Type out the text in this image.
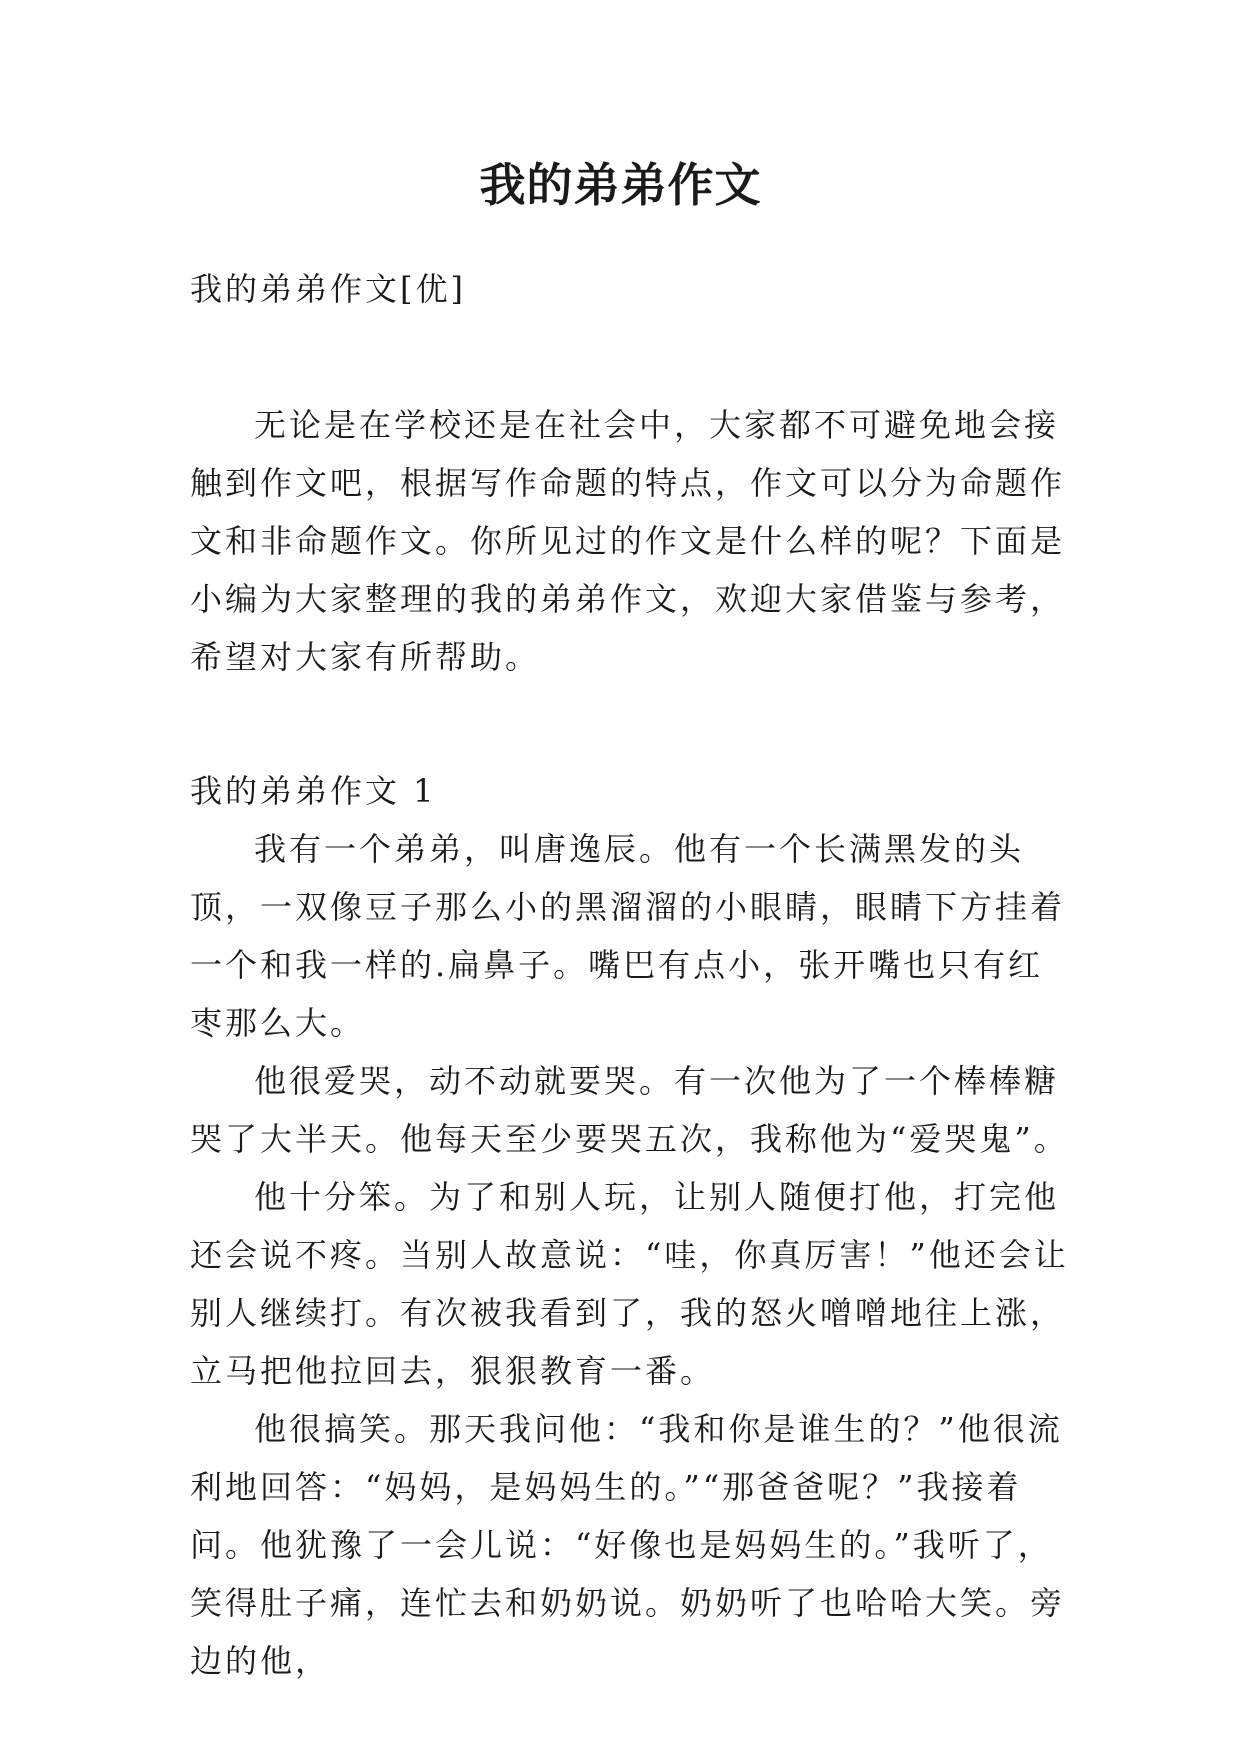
我的弟弟作文

我的弟弟作文[优]

无论是在学校还是在社会中，大家都不可避免地会接触到作文吧，根据写作命题的特点，作文可以分为命题作文和非命题作文。你所见过的作文是什么样的呢？下面是小编为大家整理的我的弟弟作文，欢迎大家借鉴与参考，希望对大家有所帮助。

我的弟弟作文 1

我有一个弟弟，叫唐逸辰。他有一个长满黑发的头顶，一双像豆子那么小的黑溜溜的小眼睛，眼睛下方挂着一个和我一样的.扁鼻子。嘴巴有点小，张开嘴也只有红枣那么大。

他很爱哭，动不动就要哭。有一次他为了一个棒棒糖哭了大半天。他每天至少要哭五次，我称他为“爱哭鬼”。

他十分笨。为了和别人玩，让别人随便打他，打完他还会说不疼。当别人故意说：“哇，你真厉害！”他还会让别人继续打。有次被我看到了，我的怒火噌噌地往上涨，立马把他拉回去，狠狠教育一番。

他很搞笑。那天我问他：“我和你是谁生的？”他很流利地回答：“妈妈，是妈妈生的。”“那爸爸呢？”我接着问。他犹豫了一会儿说：“好像也是妈妈生的。”我听了，笑得肚子痛，连忙去和奶奶说。奶奶听了也哈哈大笑。旁边的他，
